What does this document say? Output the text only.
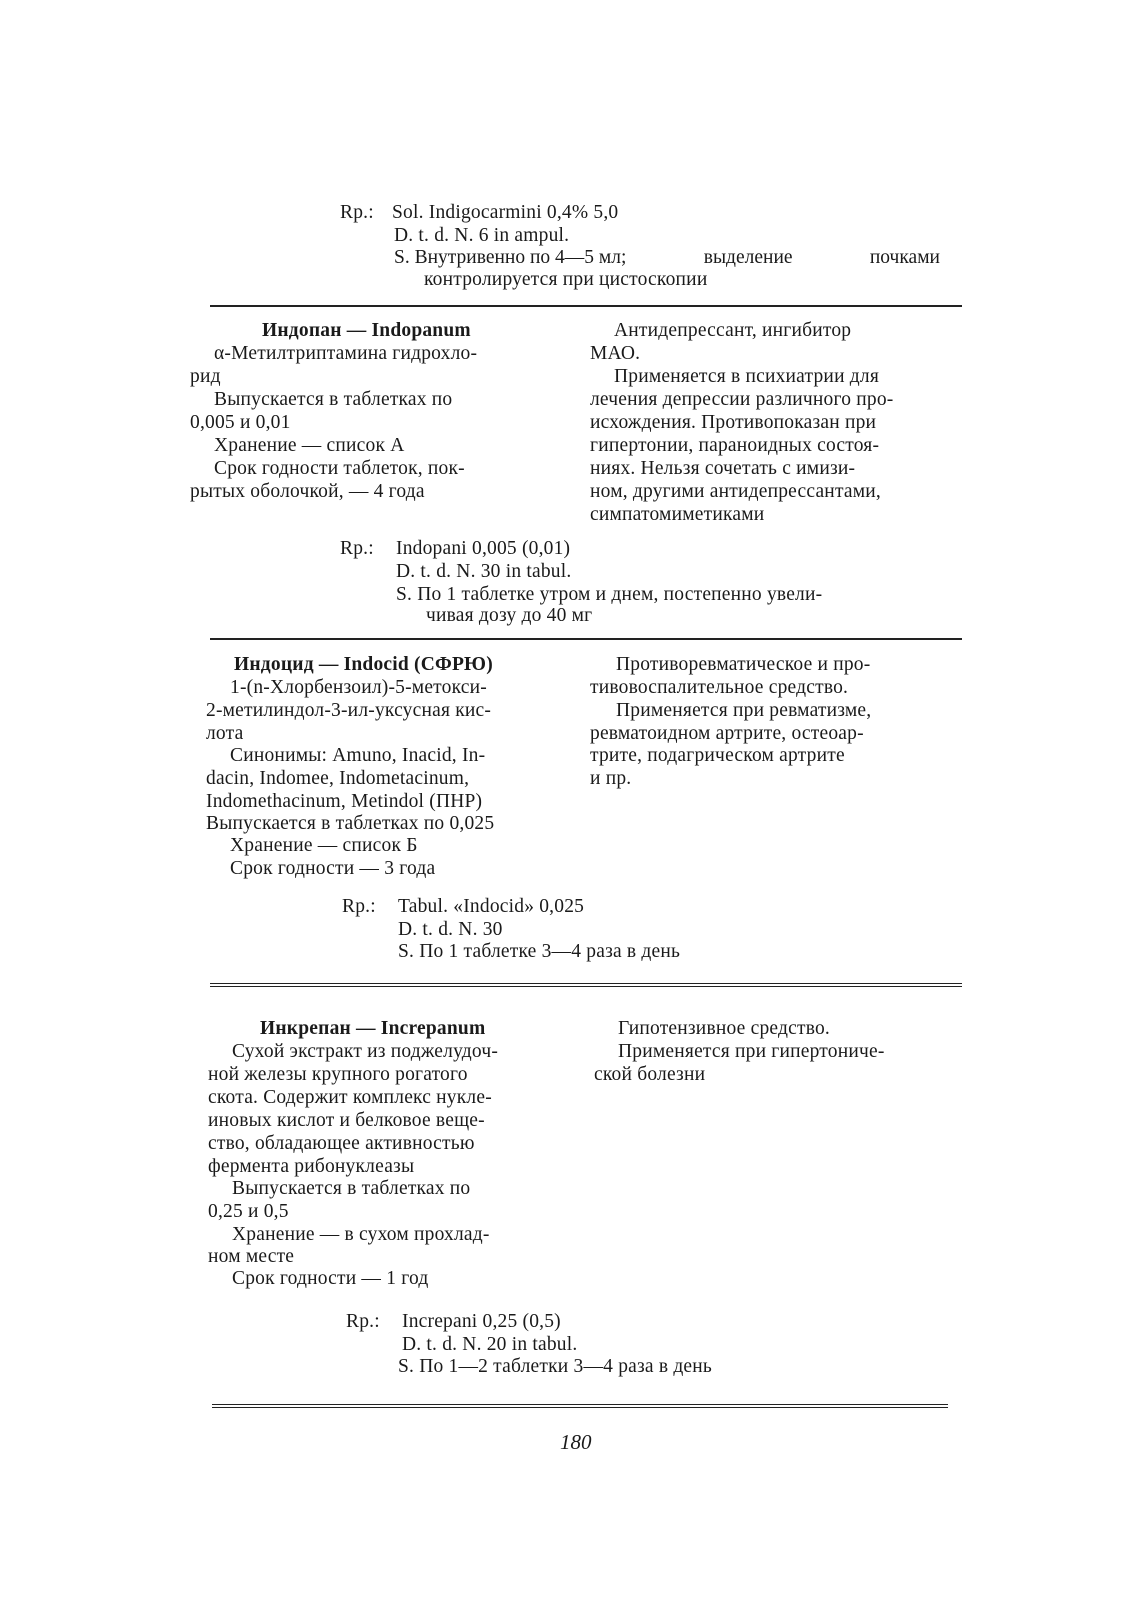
Rp.: Sol. Indigocarmini 0,4% 5,0
D. t. d. N. 6 in ampul.
S. Внутривенно по 4—5 мл;	выделение	почками
контролируется при цистоскопии
Индопан — Indopanum
α-Метилтриптамина гидрохло-
рид
Выпускается в таблетках по
0,005 и 0,01
Хранение — список А
Срок годности таблеток, пок-
рытых оболочкой, — 4 года
Антидепрессант, ингибитор
МАО.
Применяется в психиатрии для
лечения депрессии различного про-
исхождения. Противопоказан при
гипертонии, параноидных состоя-
ниях. Нельзя сочетать с имизи-
ном, другими антидепрессантами,
симпатомиметиками
Rp.: Indopani 0,005 (0,01)
D. t. d. N. 30 in tabul.
S. По 1 таблетке утром и днем, постепенно увели-
чивая дозу до 40 мг
Индоцид — Indocid (СФРЮ)
1-(n-Хлорбензоил)-5-метокси-
2-метилиндол-3-ил-уксусная кис-
лота
Синонимы: Amuno, Inacid, In-
dacin, Indomee, Indometacinum,
Indomethacinum, Metindol (ПНР)
Выпускается в таблетках по 0,025
Хранение — список Б
Срок годности — 3 года
Противоревматическое и про-
тивовоспалительное средство.
Применяется при ревматизме,
ревматоидном артрите, остеоар-
трите, подагрическом артрите
и пр.
Rp.: Tabul. «Indocid» 0,025
D. t. d. N. 30
S. По 1 таблетке 3—4 раза в день
Инкрепан — Increpanum
Сухой экстракт из поджелудоч-
ной железы крупного рогатого
скота. Содержит комплекс нукле-
иновых кислот и белковое веще-
ство, обладающее активностью
фермента рибонуклеазы
Выпускается в таблетках по
0,25 и 0,5
Хранение — в сухом прохлад-
ном месте
Срок годности — 1 год
Гипотензивное средство.
Применяется при гипертониче-
ской болезни
Rp.: Increpani 0,25 (0,5)
D. t. d. N. 20 in tabul.
S. По 1—2 таблетки 3—4 раза в день
180
